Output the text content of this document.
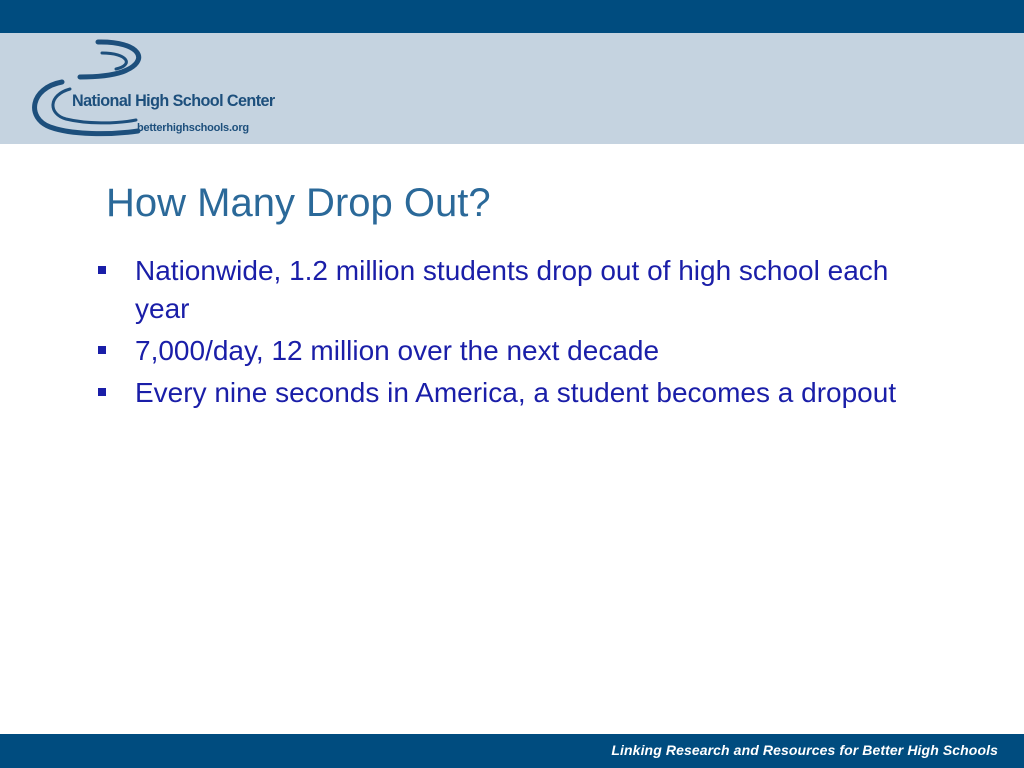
National High School Center
betterhighschools.org
How Many Drop Out?
Nationwide, 1.2 million students drop out of high school each year
7,000/day, 12 million over the next decade
Every nine seconds in America, a student becomes a dropout
Linking Research and Resources for Better High Schools
